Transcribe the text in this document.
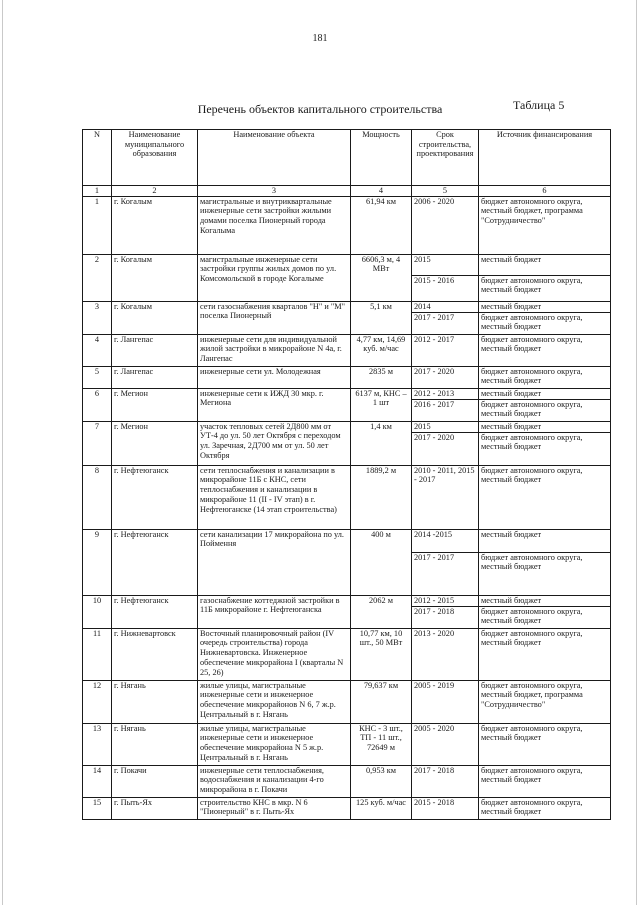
181
Таблица 5
Перечень объектов капитального строительства
N	Наименование муниципального образования	Наименование объекта	Мощность	Срок строительства, проектирования	Источник финансирования
1	2	3	4	5	6
1	г. Когалым	магистральные и внутриквартальные инженерные сети застройки жилыми домами поселка Пионерный города Когалыма	61,94 км	2006 - 2020	бюджет автономного округа, местный бюджет, программа "Сотрудничество"
2	г. Когалым	магистральные инженерные сети застройки группы жилых домов по ул. Комсомольской в городе Когалыме	6606,3 м, 4 МВт	2015	местный бюджет
				2015 - 2016	бюджет автономного округа, местный бюджет
3	г. Когалым	сети газоснабжения кварталов "Н" и "М" поселка Пионерный	5,1 км	2014	местный бюджет
				2017 - 2017	бюджет автономного округа, местный бюджет
4	г. Лангепас	инженерные сети для индивидуальной жилой застройки в микрорайоне N 4а, г. Лангепас	4,77 км, 14,69 куб. м/час	2012 - 2017	бюджет автономного округа, местный бюджет
5	г. Лангепас	инженерные сети ул. Молодежная	2835 м	2017 - 2020	бюджет автономного округа, местный бюджет
6	г. Мегион	инженерные сети к ИЖД 30 мкр. г. Мегиона	6137 м, КНС – 1 шт	2012 - 2013	местный бюджет
				2016 - 2017	бюджет автономного округа, местный бюджет
7	г. Мегион	участок тепловых сетей 2Д800 мм от УТ-4 до ул. 50 лет Октября с переходом ул. Заречная, 2Д700 мм от ул. 50 лет Октября	1,4 км	2015	местный бюджет
				2017 - 2020	бюджет автономного округа, местный бюджет
8	г. Нефтеюганск	сети теплоснабжения и канализации в микрорайоне 11Б с КНС, сети теплоснабжения и канализации в микрорайоне 11 (II - IV этап) в г. Нефтеюганске (14 этап строительства)	1889,2 м	2010 - 2011, 2015 - 2017	бюджет автономного округа, местный бюджет
9	г. Нефтеюганск	сети канализации 17 микрорайона по ул. Поймення	400 м	2014 -2015	местный бюджет
				2017 - 2017	бюджет автономного округа, местный бюджет
10	г. Нефтеюганск	газоснабжение коттеджной застройки в 11Б микрорайоне г. Нефтеюганска	2062 м	2012 - 2015	местный бюджет
				2017 - 2018	бюджет автономного округа, местный бюджет
11	г. Нижневартовск	Восточный планировочный район (IV очередь строительства) города Нижневартовска. Инженерное обеспечение микрорайона I (кварталы N 25, 26)	10,77 км, 10 шт., 50 МВт	2013 - 2020	бюджет автономного округа, местный бюджет
12	г. Нягань	жилые улицы, магистральные инженерные сети и инженерное обеспечение микрорайонов N 6, 7 ж.р. Центральный в г. Нягань	79,637 км	2005 - 2019	бюджет автономного округа, местный бюджет, программа "Сотрудничество"
13	г. Нягань	жилые улицы, магистральные инженерные сети и инженерное обеспечение микрорайона N 5 ж.р. Центральный в г. Нягань	КНС - 3 шт., ТП - 11 шт., 72649 м	2005 - 2020	бюджет автономного округа, местный бюджет
14	г. Покачи	инженерные сети теплоснабжения, водоснабжения и канализации 4-го микрорайона в г. Покачи	0,953 км	2017 - 2018	бюджет автономного округа, местный бюджет
15	г. Пыть-Ях	строительство КНС в мкр. N 6 "Пионерный" в г. Пыть-Ях	125 куб. м/час	2015 - 2018	бюджет автономного округа, местный бюджет
